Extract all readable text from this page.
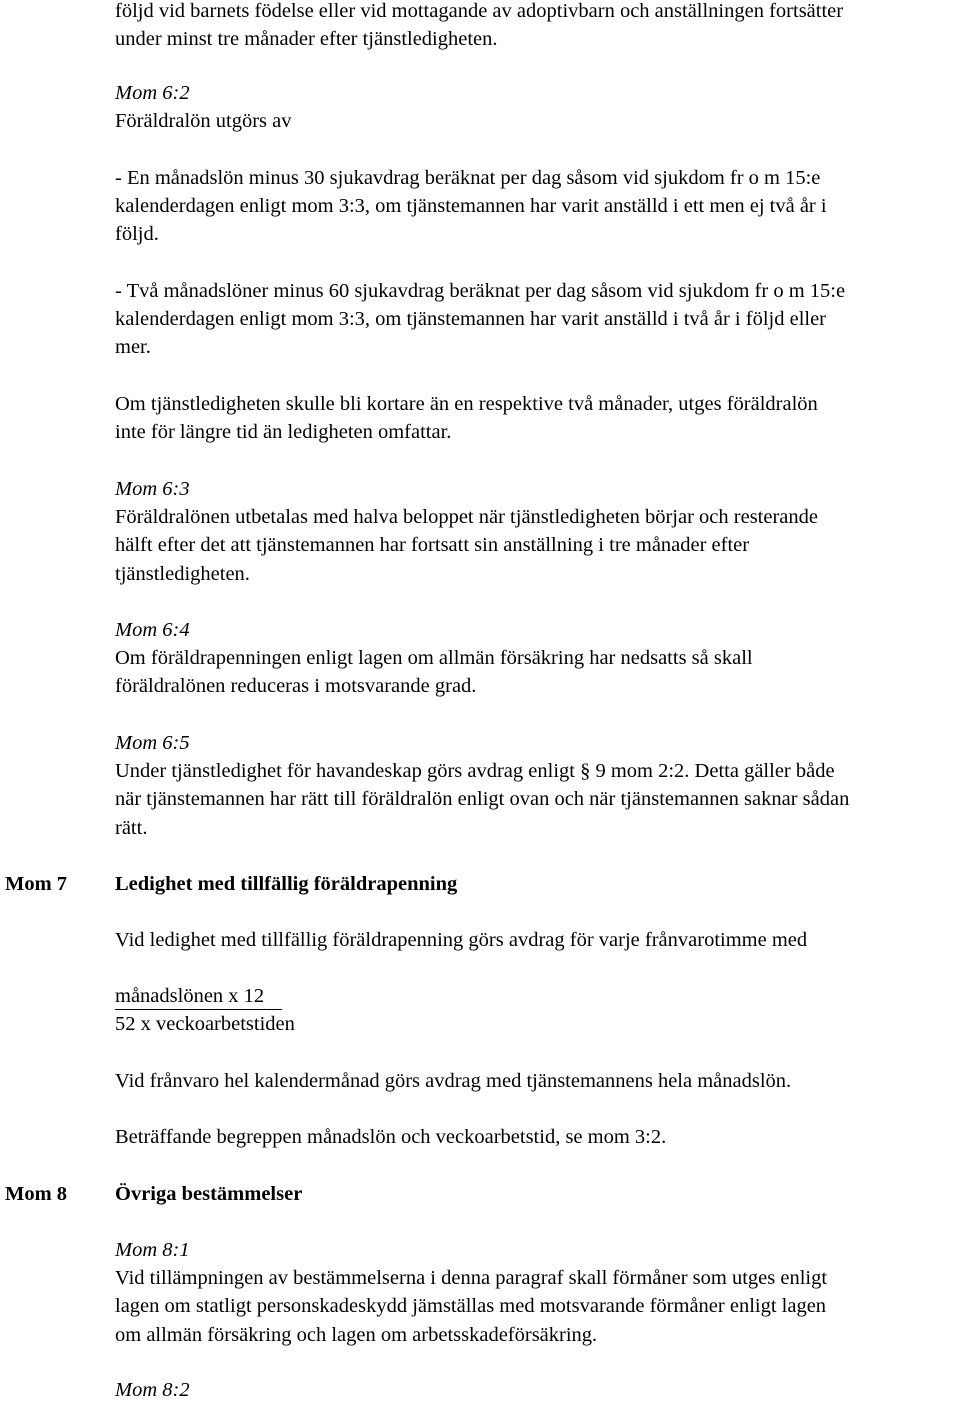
följd vid barnets födelse eller vid mottagande av adoptivbarn och anställningen fortsätter
under minst tre månader efter tjänstledigheten.
Mom 6:2
Föräldralön utgörs av
- En månadslön minus 30 sjukavdrag beräknat per dag såsom vid sjukdom fr o m 15:e
kalenderdagen enligt mom 3:3, om tjänstemannen har varit anställd i ett men ej två år i
följd.
- Två månadslöner minus 60 sjukavdrag beräknat per dag såsom vid sjukdom fr o m 15:e
kalenderdagen enligt mom 3:3, om tjänstemannen har varit anställd i två år i följd eller
mer.
Om tjänstledigheten skulle bli kortare än en respektive två månader, utges föräldralön
inte för längre tid än ledigheten omfattar.
Mom 6:3
Föräldralönen utbetalas med halva beloppet när tjänstledigheten börjar och resterande
hälft efter det att tjänstemannen har fortsatt sin anställning i tre månader efter
tjänstledigheten.
Mom 6:4
Om föräldrapenningen enligt lagen om allmän försäkring har nedsatts så skall
föräldralönen reduceras i motsvarande grad.
Mom 6:5
Under tjänstledighet för havandeskap görs avdrag enligt § 9 mom 2:2. Detta gäller både
när tjänstemannen har rätt till föräldralön enligt ovan och när tjänstemannen saknar sådan
rätt.
Mom 7 Ledighet med tillfällig föräldrapenning
Vid ledighet med tillfällig föräldrapenning görs avdrag för varje frånvarotimme med
månadslönen x 12
52 x veckoarbetstiden
Vid frånvaro hel kalendermånad görs avdrag med tjänstemannens hela månadslön.
Beträffande begreppen månadslön och veckoarbetstid, se mom 3:2.
Mom 8 Övriga bestämmelser
Mom 8:1
Vid tillämpningen av bestämmelserna i denna paragraf skall förmåner som utges enligt
lagen om statligt personskadeskydd jämställas med motsvarande förmåner enligt lagen
om allmän försäkring och lagen om arbetsskadeförsäkring.
Mom 8:2
